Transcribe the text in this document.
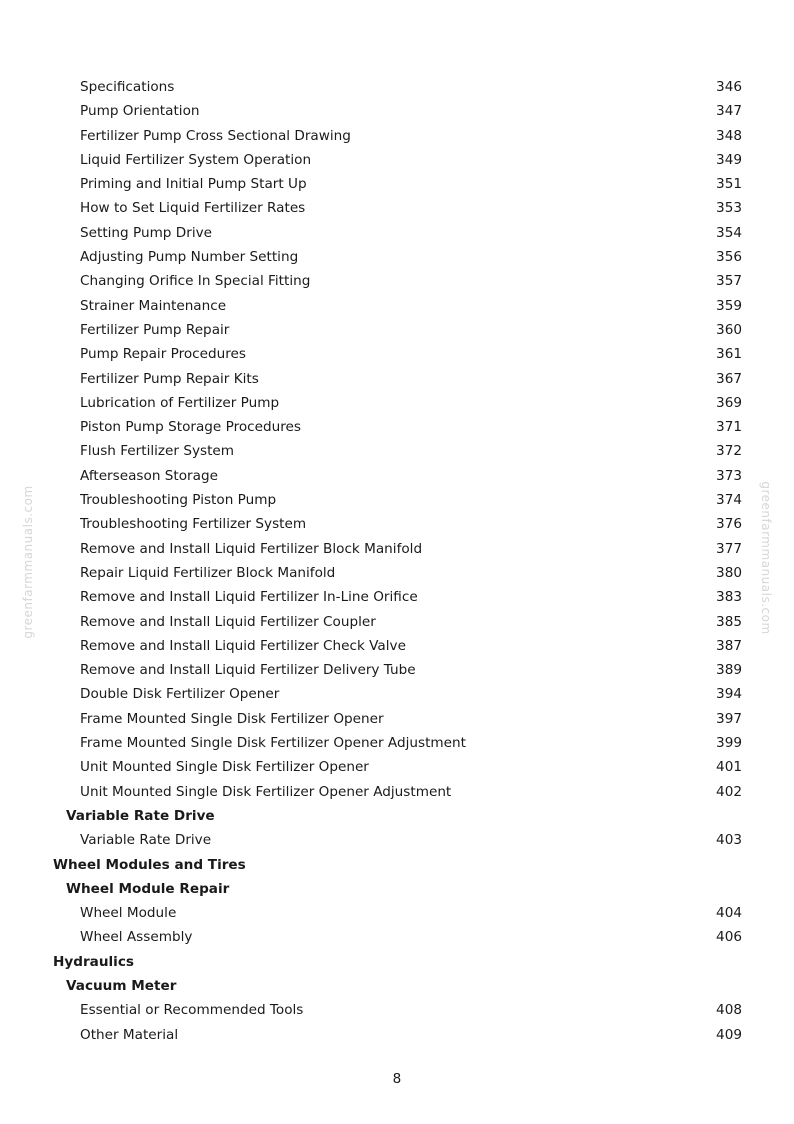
Specifications	346
Pump Orientation	347
Fertilizer Pump Cross Sectional Drawing	348
Liquid Fertilizer System Operation	349
Priming and Initial Pump Start Up	351
How to Set Liquid Fertilizer Rates	353
Setting Pump Drive	354
Adjusting Pump Number Setting	356
Changing Orifice In Special Fitting	357
Strainer Maintenance	359
Fertilizer Pump Repair	360
Pump Repair Procedures	361
Fertilizer Pump Repair Kits	367
Lubrication of Fertilizer Pump	369
Piston Pump Storage Procedures	371
Flush Fertilizer System	372
Afterseason Storage	373
Troubleshooting Piston Pump	374
Troubleshooting Fertilizer System	376
Remove and Install Liquid Fertilizer Block Manifold	377
Repair Liquid Fertilizer Block Manifold	380
Remove and Install Liquid Fertilizer In-Line Orifice	383
Remove and Install Liquid Fertilizer Coupler	385
Remove and Install Liquid Fertilizer Check Valve	387
Remove and Install Liquid Fertilizer Delivery Tube	389
Double Disk Fertilizer Opener	394
Frame Mounted Single Disk Fertilizer Opener	397
Frame Mounted Single Disk Fertilizer Opener Adjustment	399
Unit Mounted Single Disk Fertilizer Opener	401
Unit Mounted Single Disk Fertilizer Opener Adjustment	402
Variable Rate Drive
Variable Rate Drive	403
Wheel Modules and Tires
Wheel Module Repair
Wheel Module	404
Wheel Assembly	406
Hydraulics
Vacuum Meter
Essential or Recommended Tools	408
Other Material	409
8
greenfarmmanuals.com	greenfarmmanuals.com
